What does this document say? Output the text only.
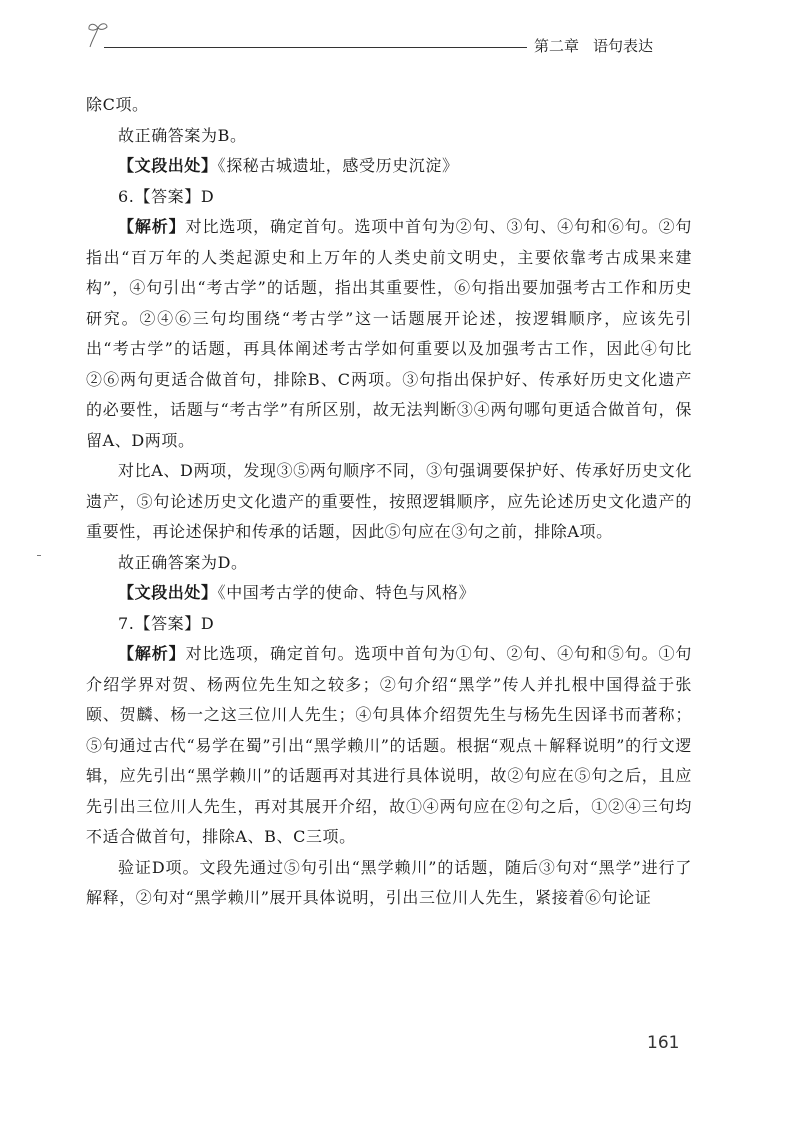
第二章 语句表达

除C项。

故正确答案为B。

【文段出处】《探秘古城遗址，感受历史沉淀》

6.【答案】D

【解析】对比选项，确定首句。选项中首句为②句、③句、④句和⑥句。②句指出“百万年的人类起源史和上万年的人类史前文明史，主要依靠考古成果来建构”，④句引出“考古学”的话题，指出其重要性，⑥句指出要加强考古工作和历史研究。②④⑥三句均围绕“考古学”这一话题展开论述，按逻辑顺序，应该先引出“考古学”的话题，再具体阐述考古学如何重要以及加强考古工作，因此④句比②⑥两句更适合做首句，排除B、C两项。③句指出保护好、传承好历史文化遗产的必要性，话题与“考古学”有所区别，故无法判断③④两句哪句更适合做首句，保留A、D两项。

对比A、D两项，发现③⑤两句顺序不同，③句强调要保护好、传承好历史文化遗产，⑤句论述历史文化遗产的重要性，按照逻辑顺序，应先论述历史文化遗产的重要性，再论述保护和传承的话题，因此⑤句应在③句之前，排除A项。

故正确答案为D。

【文段出处】《中国考古学的使命、特色与风格》

7.【答案】D

【解析】对比选项，确定首句。选项中首句为①句、②句、④句和⑤句。①句介绍学界对贺、杨两位先生知之较多；②句介绍“黑学”传人并扎根中国得益于张颐、贺麟、杨一之这三位川人先生；④句具体介绍贺先生与杨先生因译书而著称；⑤句通过古代“易学在蜀”引出“黑学赖川”的话题。根据“观点＋解释说明”的行文逻辑，应先引出“黑学赖川”的话题再对其进行具体说明，故②句应在⑤句之后，且应先引出三位川人先生，再对其展开介绍，故①④两句应在②句之后，①②④三句均不适合做首句，排除A、B、C三项。

验证D项。文段先通过⑤句引出“黑学赖川”的话题，随后③句对“黑学”进行了解释，②句对“黑学赖川”展开具体说明，引出三位川人先生，紧接着⑥句论证

161
